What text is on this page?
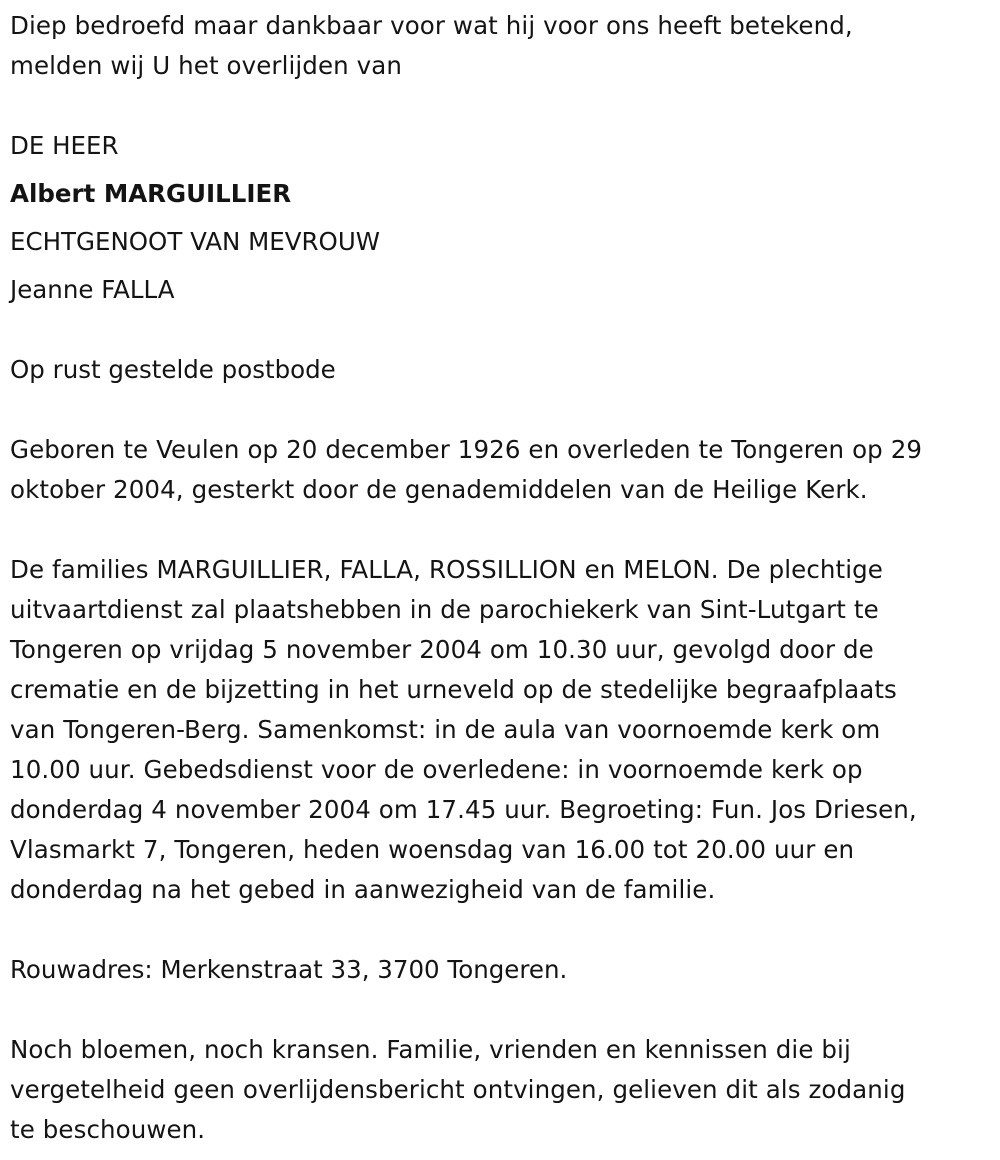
Diep bedroefd maar dankbaar voor wat hij voor ons heeft betekend,
melden wij U het overlijden van
DE HEER
Albert MARGUILLIER
ECHTGENOOT VAN MEVROUW
Jeanne FALLA
Op rust gestelde postbode
Geboren te Veulen op 20 december 1926 en overleden te Tongeren op 29
oktober 2004, gesterkt door de genademiddelen van de Heilige Kerk.
De families MARGUILLIER, FALLA, ROSSILLION en MELON. De plechtige
uitvaartdienst zal plaatshebben in de parochiekerk van Sint-Lutgart te
Tongeren op vrijdag 5 november 2004 om 10.30 uur, gevolgd door de
crematie en de bijzetting in het urneveld op de stedelijke begraafplaats
van Tongeren-Berg. Samenkomst: in de aula van voornoemde kerk om
10.00 uur. Gebedsdienst voor de overledene: in voornoemde kerk op
donderdag 4 november 2004 om 17.45 uur. Begroeting: Fun. Jos Driesen,
Vlasmarkt 7, Tongeren, heden woensdag van 16.00 tot 20.00 uur en
donderdag na het gebed in aanwezigheid van de familie.
Rouwadres: Merkenstraat 33, 3700 Tongeren.
Noch bloemen, noch kransen. Familie, vrienden en kennissen die bij
vergetelheid geen overlijdensbericht ontvingen, gelieven dit als zodanig
te beschouwen.
